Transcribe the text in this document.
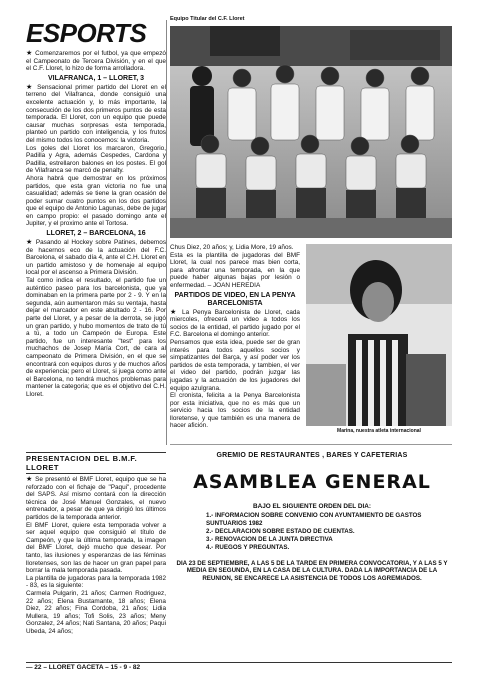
ESPORTS

★ Comenzaremos por el futbol, ya que empezó el Campeonato de Tercera División, y en el que el C.F. Lloret, lo hizo de forma arrolladora.

VILAFRANCA, 1 – LLORET, 3

★ Sensacional primer partido del Lloret en el terreno del Vilafranca, donde consiguió una excelente actuación y, lo más importante, la consecución de los dos primeros puntos de esta temporada. El Lloret, con un equipo que puede causar muchas sorpresas esta temporada, planteó un partido con inteligencia, y los frutos del mismo todos los conocemos: la victoria.

Los goles del Lloret los marcaron, Gregorio, Padilla y Agra, además Cespedes, Cardona y Padilla, estrellaron balones en los postes. El gol de Vilafranca se marcó de penalty.

Ahora habrá que demostrar en los próximos partidos, que esta gran victoria no fue una casualidad; además se tiene la gran ocasión de poder sumar cuatro puntos en los dos partidos que el equipo de Antonio Lagunas, debe de jugar en campo propio: el pasado domingo ante el Jupiter, y el proximo ante el Tortosa.

LLORET, 2 – BARCELONA, 16

★ Pasando al Hockey sobre Patines, debemos de hacernos eco de la actuación del F.C. Barcelona, el sabado día 4, ante el C.H. Lloret en un partido amistoso y de homenaje al equipo local por el ascenso a Primera División.

Tal como indica el resultado, el partido fue un auténtico paseo para los barcelonista, que ya dominaban en la primera parte por 2 - 9. Y en la segunda, aún aumentaron más su ventaja, hasta dejar el marcador en este abultado 2 - 16. Por parte del Lloret, y a pesar de la derrota, se jugó un gran partido, y hubo momentos de trato de tú a tú, a todo un Campeón de Europa. Este partido, fue un interesante "test" para los muchachos de Josep María Cort, de cara al campeonato de Primera División, en el que se encontrará con equipos duros y de muchos años de experiencia; pero el Lloret, si juega como ante el Barcelona, no tendrá muchos problemas para mantener la categoria; que es el objetivo del C.H. Lloret.

Equipo Titular del C.F. Lloret

Chus Diez, 20 años; y, Lidia More, 19 años.

Esta es la plantilla de jugadoras del BMF Lloret, la cual nos parece mas bien corta, para afrontar una temporada, en la que puede haber algunas bajas por lesión o enfermedad. – JOAN HEREDIA

PARTIDOS DE VIDEO, EN LA PENYA BARCELONISTA

★ La Penya Barcelonista de Lloret, cada miercoles, ofrecerá un video a todos los socios de la entidad, el partido jugado por el F.C. Barcelona el domingo anterior.

Pensamos que esta idea, puede ser de gran interés para todos aquellos socios y simpatizantes del Barça, y así poder ver los partidos de esta temporada, y tambien, el ver el video del partido, podrán juzgar las jugadas y la actuación de los jugadores del equipo azulgrana.

El cronista, felicita a la Penya Barcelonista por esta iniciativa, que no es más que un servicio hacia los socios de la entidad lloretense, y que también es una manera de hacer afición.

Marina, nuestra atleta internacional
PRESENTACION DEL B.M.F. LLORET

★ Se presentó el BMF Lloret, equipo que se ha reforzado con el fichaje de "Paqui", procedente del SAPS. Así mismo contará con la dirección técnica de José Manuel Gonzales, el nuevo entrenador, a pesar de que ya dirigió los últimos partidos de la temporada anterior.

El BMF Lloret, quiere esta temporada volver a ser aquel equipo que consiguió el título de Campeón, y que la última temporada, la imagen del BMF Lloret, dejó mucho que desear. Por tanto, las ilusiones y esperanzas de las féminas lloretenses, son las de hacer un gran papel para borrar la mala temporada pasada.

La plantilla de jugadoras para la temporada 1982 - 83, es la siguiente:

Carmela Pulgarin, 21 años; Carmen Rodriguez, 22 años; Elena Bustamante, 18 años; Elena Diez, 22 años; Fina Cordoba, 21 años; Lidia Mullera, 19 años; Tofi Solis, 23 años; Meny Gonzalez, 24 años; Nati Santana, 20 años; Paqui Ubeda, 24 años;

GREMIO DE RESTAURANTES , BARES Y CAFETERIAS
ASAMBLEA GENERAL
BAJO EL SIGUIENTE ORDEN DEL DIA:
1.- INFORMACION SOBRE CONVENIO CON AYUNTAMIENTO DE GASTOS SUNTUARIOS 1982
2.- DECLARACION SOBRE ESTADO DE CUENTAS.
3.- RENOVACION DE LA JUNTA DIRECTIVA
4.- RUEGOS Y PREGUNTAS.
DIA 23 DE SEPTIEMBRE, A LAS 5 DE LA TARDE EN PRIMERA CONVOCATORIA, Y A LAS 5 Y MEDIA EN SEGUNDA, EN LA CASA DE LA CULTURA. DADA LA IMPORTANCIA DE LA REUNION, SE ENCARECE LA ASISTENCIA DE TODOS LOS AGREMIADOS.
— 22 – LLORET GACETA – 15 - 9 - 82
